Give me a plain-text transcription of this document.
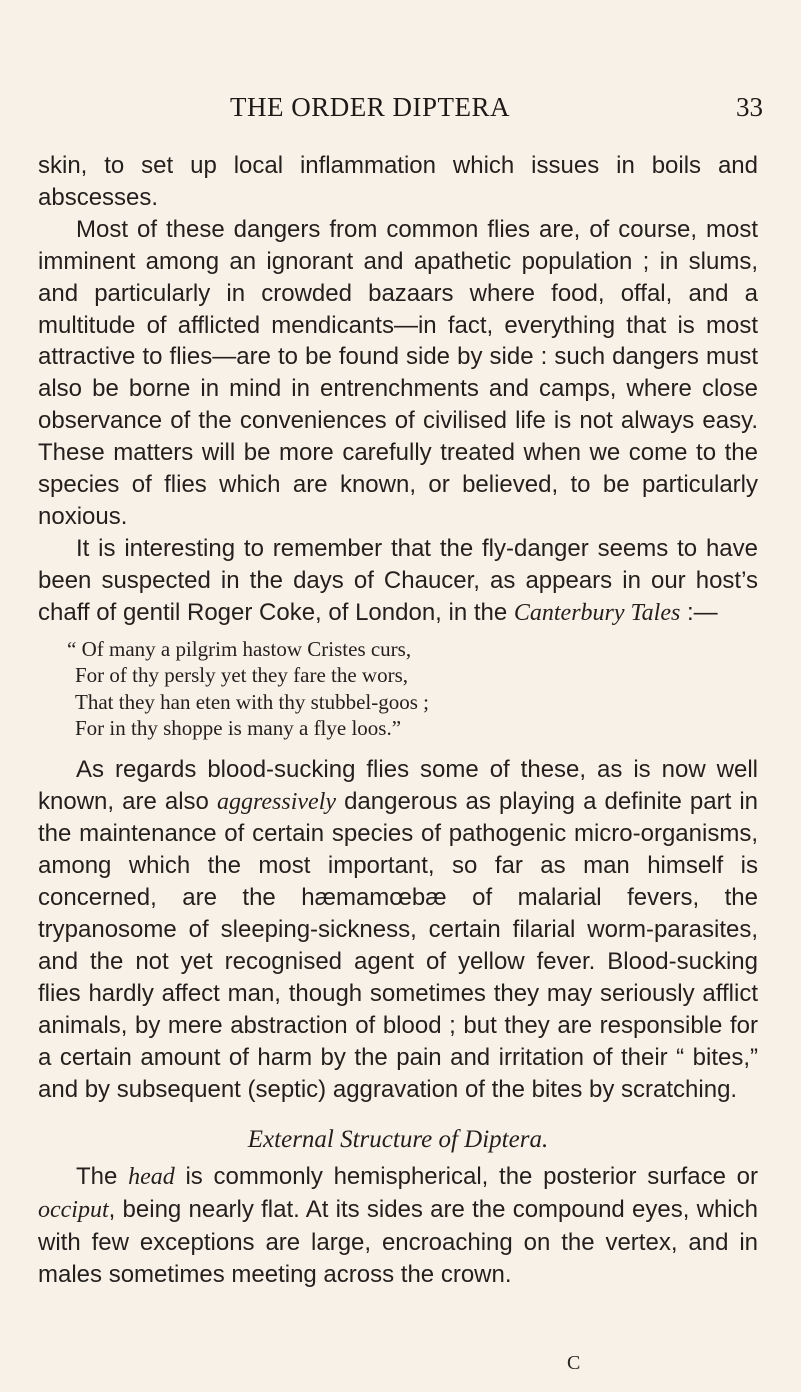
THE ORDER DIPTERA	33

skin, to set up local inflammation which issues in boils and abscesses.

Most of these dangers from common flies are, of course, most imminent among an ignorant and apathetic population ; in slums, and particularly in crowded bazaars where food, offal, and a multitude of afflicted mendicants—in fact, everything that is most attractive to flies—are to be found side by side : such dangers must also be borne in mind in entrenchments and camps, where close observance of the conveniences of civilised life is not always easy. These matters will be more carefully treated when we come to the species of flies which are known, or believed, to be particularly noxious.

It is interesting to remember that the fly-danger seems to have been suspected in the days of Chaucer, as appears in our host’s chaff of gentil Roger Coke, of London, in the Canterbury Tales :—

“ Of many a pilgrim hastow Cristes curs,
For of thy persly yet they fare the wors,
That they han eten with thy stubbel-goos ;
For in thy shoppe is many a flye loos.”

As regards blood-sucking flies some of these, as is now well known, are also aggressively dangerous as playing a definite part in the maintenance of certain species of pathogenic micro-organisms, among which the most important, so far as man himself is concerned, are the hæmamœbæ of malarial fevers, the trypanosome of sleeping-sickness, certain filarial worm-parasites, and the not yet recognised agent of yellow fever. Blood-sucking flies hardly affect man, though sometimes they may seriously afflict animals, by mere abstraction of blood ; but they are responsible for a certain amount of harm by the pain and irritation of their “ bites,” and by subsequent (septic) aggravation of the bites by scratching.

External Structure of Diptera.

The head is commonly hemispherical, the posterior surface or occiput, being nearly flat. At its sides are the compound eyes, which with few exceptions are large, encroaching on the vertex, and in males sometimes meeting across the crown.

C
